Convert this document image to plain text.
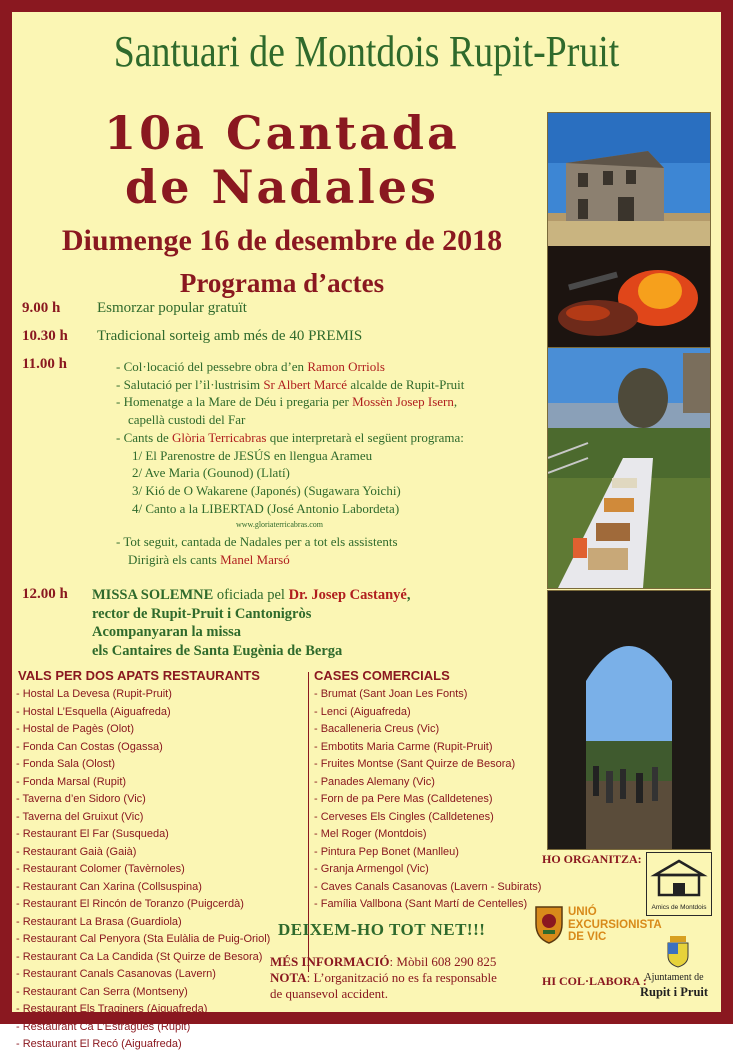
Santuari de Montdois Rupit-Pruit
10a Cantada
de Nadales
Diumenge 16 de desembre de 2018
Programa d’actes
9.00 h Esmorzar popular gratuït
10.30 h Tradicional sorteig amb més de 40 PREMIS
11.00 h	- Col·locació del pessebre obra d’en Ramon Orriols
- Salutació per l’il·lustrisim Sr Albert Marcé alcalde de Rupit-Pruit
- Homenatge a la Mare de Déu i pregaria per Mossèn Josep Isern,
capellà custodi del Far
- Cants de Glòria Terricabras que interpretarà el següent programa:
1/ El Parenostre de JESÚS en llengua Arameu
2/ Ave Maria (Gounod) (Llatí)
3/ Kió de O Wakarene (Japonés) (Sugawara Yoichi)
4/ Canto a la LIBERTAD (José Antonio Labordeta)
www.gloriaterricabras.com
- Tot seguit, cantada de Nadales per a tot els assistents
Dirigirà els cants Manel Marsó
12.00 h MISSA SOLEMNE oficiada pel Dr. Josep Castanyé,
rector de Rupit-Pruit i Cantonigròs
Acompanyaran la missa
els Cantaires de Santa Eugènia de Berga
VALS PER DOS APATS RESTAURANTS
- Hostal La Devesa (Rupit-Pruit)
- Hostal L’Esquella (Aiguafreda)
- Hostal de Pagès (Olot)
- Fonda Can Costas (Ogassa)
- Fonda Sala (Olost)
- Fonda Marsal (Rupit)
- Taverna d’en Sidoro (Vic)
- Taverna del Gruixut (Vic)
- Restaurant El Far (Susqueda)
- Restaurant Gaià (Gaià)
- Restaurant Colomer (Tavèrnoles)
- Restaurant Can Xarina (Collsuspina)
- Restaurant El Rincón de Toranzo (Puigcerdà)
- Restaurant La Brasa (Guardiola)
- Restaurant Cal Penyora (Sta Eulàlia de Puig-Oriol)
- Restaurant Ca La Candida (St Quirze de Besora)
- Restaurant Canals Casanovas (Lavern)
- Restaurant Can Serra (Montseny)
- Restaurant Els Traginers (Aiguafreda)
- Restaurant Ca L’Estragués (Rupit)
- Restaurant El Recó (Aiguafreda)
CASES COMERCIALS
- Brumat (Sant Joan Les Fonts)
- Lenci (Aiguafreda)
- Bacalleneria Creus (Vic)
- Embotits Maria Carme (Rupit-Pruit)
- Fruites Montse (Sant Quirze de Besora)
- Panades Alemany (Vic)
- Forn de pa Pere Mas (Calldetenes)
- Cerveses Els Cingles (Calldetenes)
- Mel Roger (Montdois)
- Pintura Pep Bonet (Manlleu)
- Granja Armengol (Vic)
- Caves Canals Casanovas (Lavern - Subirats)
- Família Vallbona (Sant Martí de Centelles)
HO ORGANITZA:
Amics de Montdois
DEIXEM-HO TOT NET!!!
UNIÓ
EXCURSIONISTA
DE VIC
MÉS INFORMACIÓ: Mòbil 608 290 825
NOTA: L’organització no es fa responsable
de quansevol accident.
HI COL·LABORA :
Ajuntament de
Rupit i Pruit
